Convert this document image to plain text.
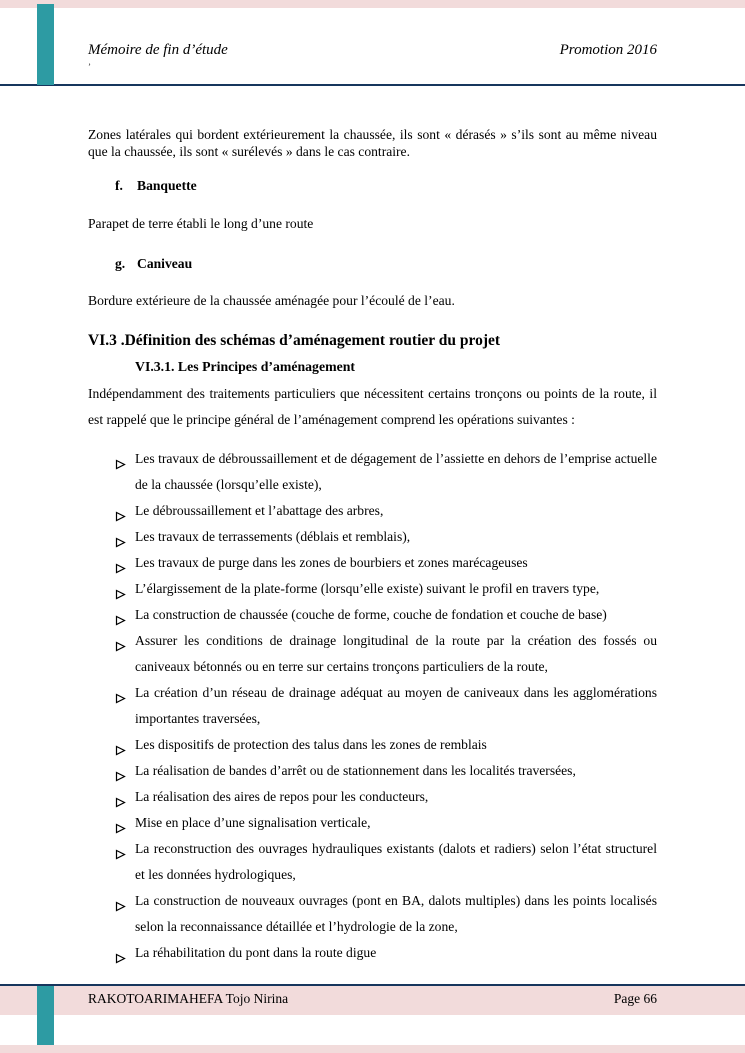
Mémoire de fin d’étude	Promotion 2016
’

Zones latérales qui bordent extérieurement la chaussée, ils sont « dérasés » s’ils sont au même niveau que la chaussée, ils sont « surélevés » dans le cas contraire.

f. Banquette

Parapet de terre établi le long d’une route

g. Caniveau

Bordure extérieure de la chaussée aménagée pour l’écoulé de l’eau.

VI.3 .Définition des schémas d’aménagement routier du projet
VI.3.1. Les Principes d’aménagement

Indépendamment des traitements particuliers que nécessitent certains tronçons ou points de la route, il est rappelé que le principe général de l’aménagement comprend les opérations suivantes :

Les travaux de débroussaillement et de dégagement de l’assiette en dehors de l’emprise actuelle de la chaussée (lorsqu’elle existe),
Le débroussaillement et l’abattage des arbres,
Les travaux de terrassements (déblais et remblais),
Les travaux de purge dans les zones de bourbiers et zones marécageuses
L’élargissement de la plate-forme (lorsqu’elle existe) suivant le profil en travers type,
La construction de chaussée (couche de forme, couche de fondation et couche de base)
Assurer les conditions de drainage longitudinal de la route par la création des fossés ou caniveaux bétonnés ou en terre sur certains tronçons particuliers de la route,
La création d’un réseau de drainage adéquat au moyen de caniveaux dans les agglomérations importantes traversées,
Les dispositifs de protection des talus dans les zones de remblais
La réalisation de bandes d’arrêt ou de stationnement dans les localités traversées,
La réalisation des aires de repos pour les conducteurs,
Mise en place d’une signalisation verticale,
La reconstruction des ouvrages hydrauliques existants (dalots et radiers) selon l’état structurel et les données hydrologiques,
La construction de nouveaux ouvrages (pont en BA, dalots multiples) dans les points localisés selon la reconnaissance détaillée et l’hydrologie de la zone,
La réhabilitation du pont dans la route digue
RAKOTOARIMAHEFA Tojo Nirina	Page 66
